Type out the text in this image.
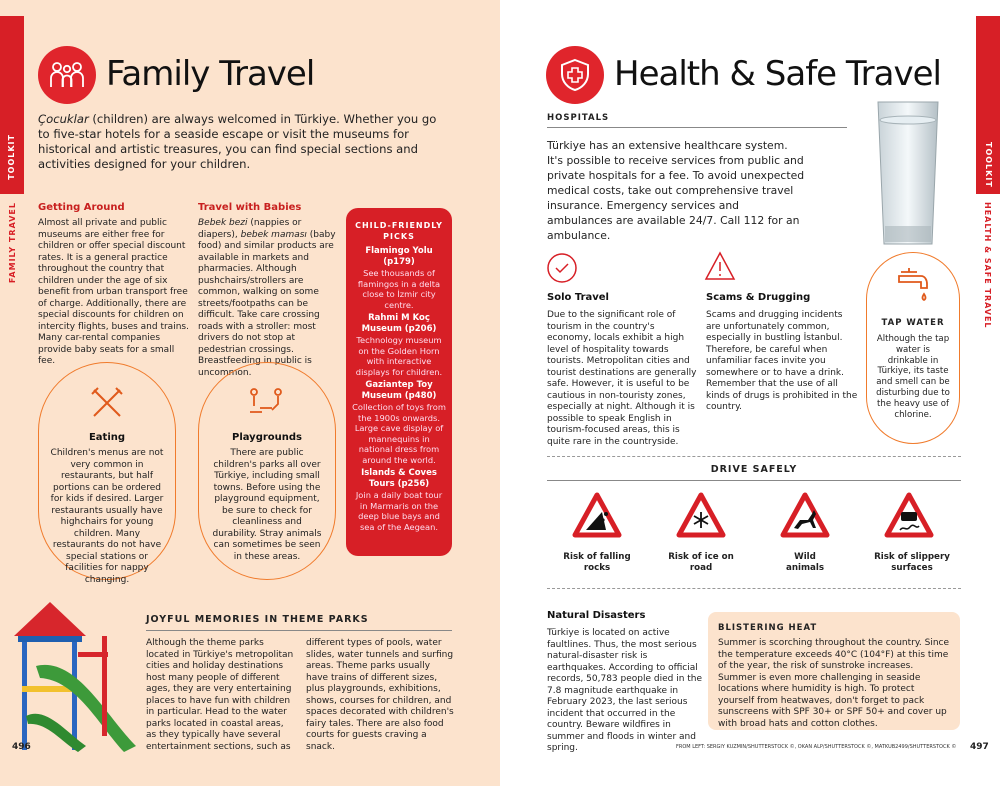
TOOLKIT
FAMILY TRAVEL
Family Travel

Çocuklar (children) are always welcomed in Türkiye. Whether you go to five-star hotels for a seaside escape or visit the museums for historical and artistic treasures, you can find special sections and activities designed for your children.

Getting Around

Almost all private and public museums are either free for children or offer special discount rates. It is a general practice throughout the country that children under the age of six benefit from urban transport free of charge. Additionally, there are special discounts for children on intercity flights, buses and trains. Many car-rental companies provide baby seats for a small fee.

Travel with Babies

Bebek bezi (nappies or diapers), bebek maması (baby food) and similar products are available in markets and pharmacies. Although pushchairs/strollers are common, walking on some streets/footpaths can be difficult. Take care crossing roads with a stroller: most drivers do not stop at pedestrian crossings. Breastfeeding in public is uncommon.

CHILD-FRIENDLY PICKS
Flamingo Yolu (p179)
See thousands of flamingos in a delta close to İzmir city centre.
Rahmi M Koç Museum (p206)
Technology museum on the Golden Horn with interactive displays for children.
Gaziantep Toy Museum (p480)
Collection of toys from the 1900s onwards. Large cave display of mannequins in national dress from around the world.
Islands & Coves Tours (p256)
Join a daily boat tour in Marmaris on the deep blue bays and sea of the Aegean.
Eating

Children's menus are not very common in restaurants, but half portions can be ordered for kids if desired. Larger restaurants usually have highchairs for young children. Many restaurants do not have special stations or facilities for nappy changing.

Playgrounds

There are public children's parks all over Türkiye, including small towns. Before using the playground equipment, be sure to check for cleanliness and durability. Stray animals can sometimes be seen in these areas.

JOYFUL MEMORIES IN THEME PARKS

Although the theme parks located in Türkiye's metropolitan cities and holiday destinations host many people of different ages, they are very entertaining places to have fun with children in particular. Head to the water parks located in coastal areas, as they typically have several entertainment sections, such as

different types of pools, water slides, water tunnels and surfing areas. Theme parks usually have trains of different sizes, plus playgrounds, exhibitions, shows, courses for children, and spaces decorated with children's fairy tales. There are also food courts for guests craving a snack.

496
TOOLKIT
HEALTH & SAFE TRAVEL
Health & Safe Travel
HOSPITALS

Türkiye has an extensive healthcare system. It's possible to receive services from public and private hospitals for a fee. To avoid unexpected medical costs, take out comprehensive travel insurance. Emergency services and ambulances are available 24/7. Call 112 for an ambulance.

Solo Travel

Due to the significant role of tourism in the country's economy, locals exhibit a high level of hospitality towards tourists. Metropolitan cities and tourist destinations are generally safe. However, it is useful to be cautious in non-touristy zones, especially at night. Although it is possible to speak English in tourism-focused areas, this is quite rare in the countryside.

Scams & Drugging

Scams and drugging incidents are unfortunately common, especially in bustling İstanbul. Therefore, be careful when unfamiliar faces invite you somewhere or to have a drink. Remember that the use of all kinds of drugs is prohibited in the country.

TAP WATER

Although the tap water is drinkable in Türkiye, its taste and smell can be disturbing due to the heavy use of chlorine.

DRIVE SAFELY
Risk of falling rocks
Risk of ice on road
Wild animals
Risk of slippery surfaces
Natural Disasters

Türkiye is located on active faultlines. Thus, the most serious natural-disaster risk is earthquakes. According to official records, 50,783 people died in the 7.8 magnitude earthquake in February 2023, the last serious incident that occurred in the country. Beware wildfires in summer and floods in winter and spring.

BLISTERING HEAT

Summer is scorching throughout the country. Since the temperature exceeds 40°C (104°F) at this time of the year, the risk of sunstroke increases. Summer is even more challenging in seaside locations where humidity is high. To protect yourself from heatwaves, don't forget to pack sunscreens with SPF 30+ or SPF 50+ and cover up with broad hats and cotton clothes.

FROM LEFT: SERGIY KUZMIN/SHUTTERSTOCK ©, OKAN ALP/SHUTTERSTOCK ©, MATKUB2499/SHUTTERSTOCK © 497
